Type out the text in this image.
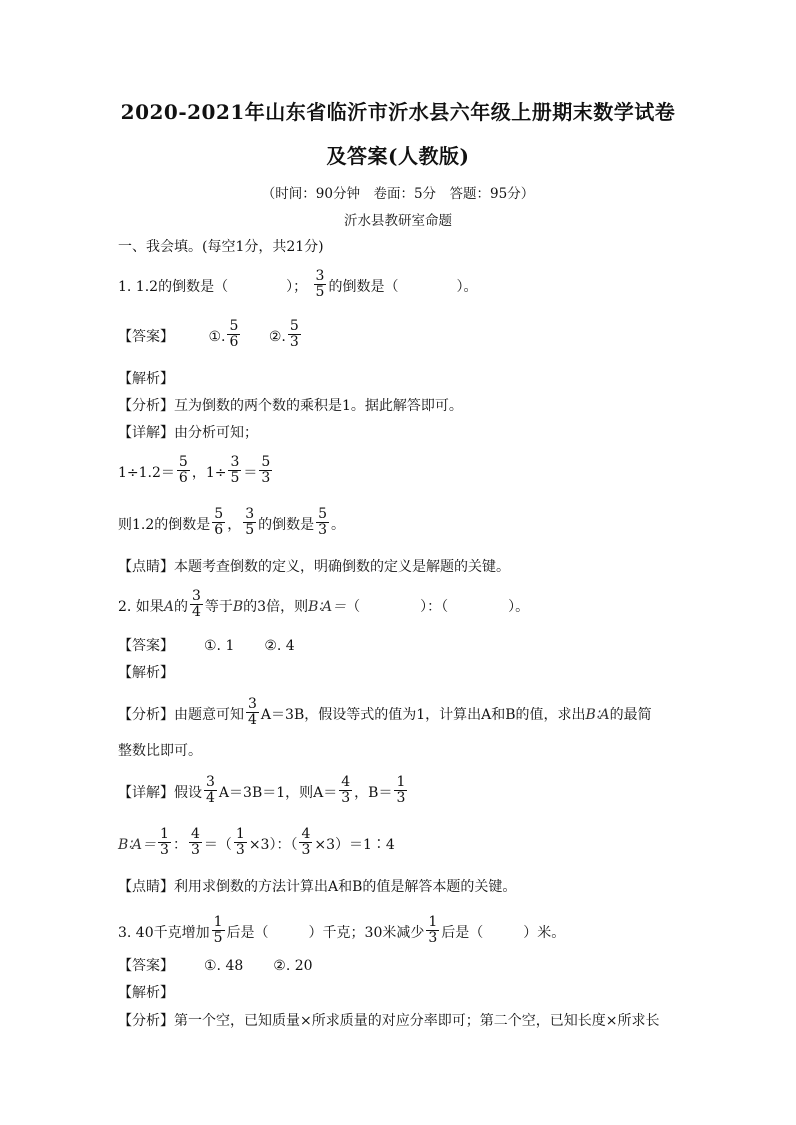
2020-2021年山东省临沂市沂水县六年级上册期末数学试卷
及答案(人教版)
（时间：90分钟　卷面：5分　答题：95分）
沂水县教研室命题
一、我会填。(每空1分，共21分)
1. 1.2的倒数是（	）； $\frac{3}{5}$ 的倒数是（	）。
【答案】 ①. $\frac{5}{6}$ ②. $\frac{5}{3}$
【解析】
【分析】互为倒数的两个数的乘积是1。据此解答即可。
【详解】由分析可知；
$1\div 1.2= \frac{5}{6}$ ，$1\div \frac{3}{5} = \frac{5}{3}$
则1.2的倒数是 $\frac{5}{6}$ ， $\frac{3}{5}$ 的倒数是 $\frac{5}{3}$ 。
【点睛】本题考查倒数的定义，明确倒数的定义是解题的关键。
2. 如果A的 $\frac{3}{4}$ 等于B的3倍，则B∶A＝（	）：（	）。
【答案】 ①. 1 ②. 4
【解析】
【分析】由题意可知 $\frac{3}{4} A=3B$，假设等式的值为1，计算出A和B的值，求出B∶A的最简
整数比即可。
【详解】假设 $\frac{3}{4} A=3B=1$，则$A= \frac{4}{3}$ ，$B= \frac{1}{3}$
B∶A＝ $\frac{1}{3}$ ： $\frac{4}{3}$ ＝（ $\frac{1}{3} \times 3$）：（ $\frac{4}{3}$ ×3）＝1∶4
【点睛】利用求倒数的方法计算出A和B的值是解答本题的关键。
3. 40千克增加 $\frac{1}{5}$ 后是（	）千克；30米减少 $\frac{1}{3}$ 后是（	）米。
【答案】 ①. 48 ②. 20
【解析】
【分析】第一个空，已知质量×所求质量的对应分率即可；第二个空，已知长度×所求长
